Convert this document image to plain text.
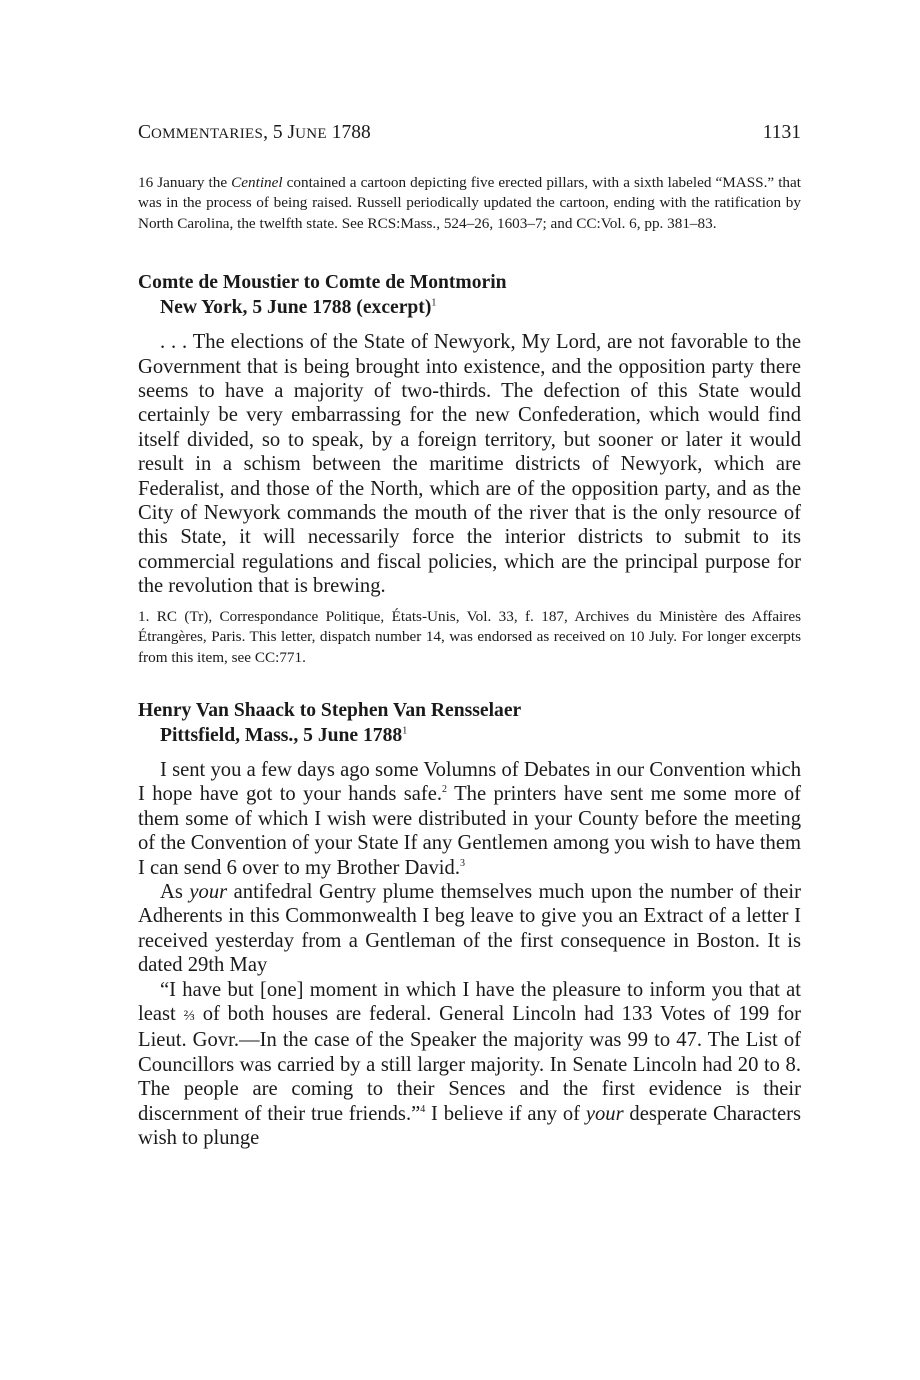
COMMENTARIES, 5 JUNE 1788	1131

16 January the Centinel contained a cartoon depicting five erected pillars, with a sixth labeled “MASS.” that was in the process of being raised. Russell periodically updated the cartoon, ending with the ratification by North Carolina, the twelfth state. See RCS:Mass., 524–26, 1603–7; and CC:Vol. 6, pp. 381–83.

Comte de Moustier to Comte de Montmorin
New York, 5 June 1788 (excerpt)$^1$

. . . The elections of the State of Newyork, My Lord, are not favorable to the Government that is being brought into existence, and the opposition party there seems to have a majority of two-thirds. The defection of this State would certainly be very embarrassing for the new Confederation, which would find itself divided, so to speak, by a foreign territory, but sooner or later it would result in a schism between the maritime districts of Newyork, which are Federalist, and those of the North, which are of the opposition party, and as the City of Newyork commands the mouth of the river that is the only resource of this State, it will necessarily force the interior districts to submit to its commercial regulations and fiscal policies, which are the principal purpose for the revolution that is brewing.

1. RC (Tr), Correspondance Politique, États-Unis, Vol. 33, f. 187, Archives du Ministère des Affaires Étrangères, Paris. This letter, dispatch number 14, was endorsed as received on 10 July. For longer excerpts from this item, see CC:771.

Henry Van Shaack to Stephen Van Rensselaer
Pittsfield, Mass., 5 June 1788$^1$

I sent you a few days ago some Volumns of Debates in our Convention which I hope have got to your hands safe.$^2$ The printers have sent me some more of them some of which I wish were distributed in your County before the meeting of the Convention of your State If any Gentlemen among you wish to have them I can send 6 over to my Brother David.$^3$

As your antifedral Gentry plume themselves much upon the number of their Adherents in this Commonwealth I beg leave to give you an Extract of a letter I received yesterday from a Gentleman of the first consequence in Boston. It is dated 29th May

“I have but [one] moment in which I have the pleasure to inform you that at least ⅔ of both houses are federal. General Lincoln had 133 Votes of 199 for Lieut. Govr.—In the case of the Speaker the majority was 99 to 47. The List of Councillors was carried by a still larger majority. In Senate Lincoln had 20 to 8. The people are coming to their Sences and the first evidence is their discernment of their true friends.”$^4$ I believe if any of your desperate Characters wish to plunge
